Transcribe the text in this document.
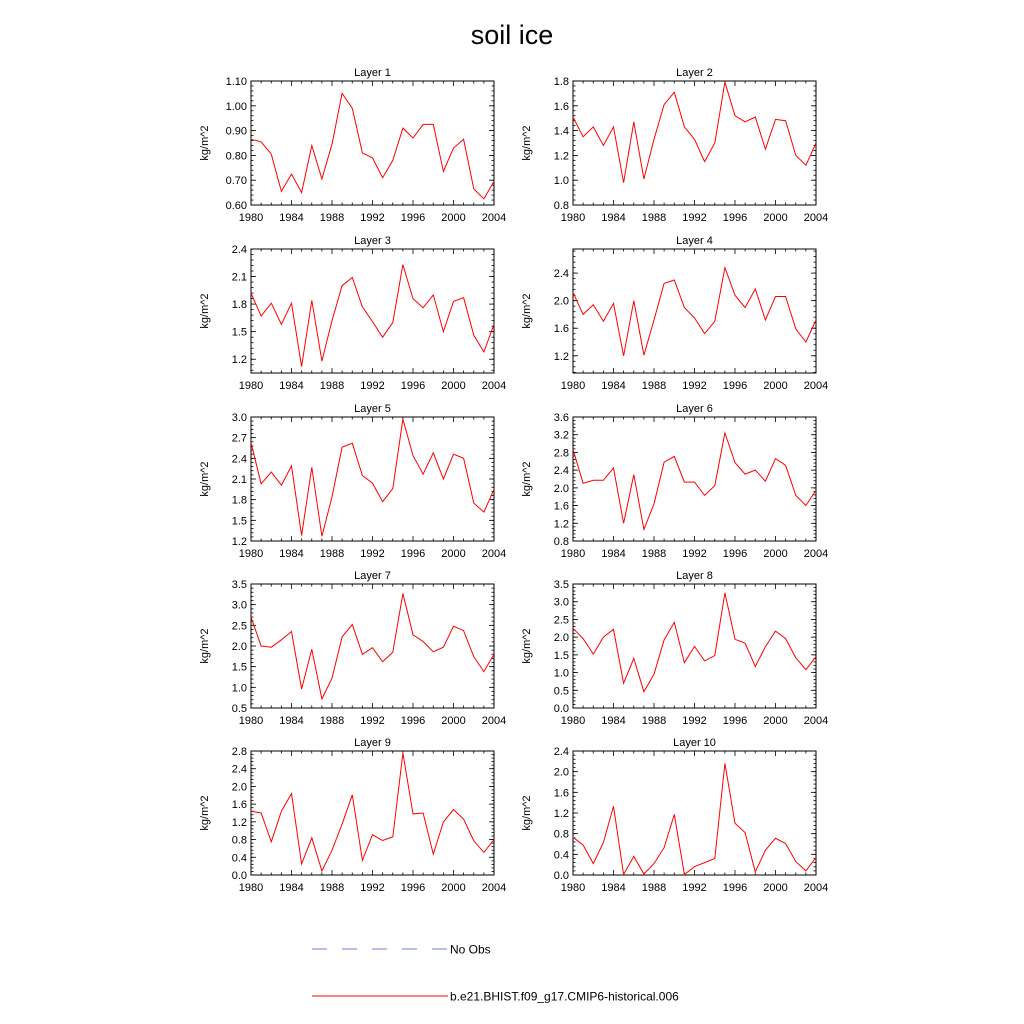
soil ice
Layer 1
1980 1984 1988 1992 1996 2000 2004
0.60
0.70
0.80
0.90
1.00
1.10
kg/m^2
Layer 2
1980 1984 1988 1992 1996 2000 2004
0.8
1.0
1.2
1.4
1.6
1.8
kg/m^2
Layer 3
1980 1984 1988 1992 1996 2000 2004
1.2
1.5
1.8
2.1
2.4
kg/m^2
Layer 4
1980 1984 1988 1992 1996 2000 2004
1.2
1.6
2.0
2.4
kg/m^2
Layer 5
1980 1984 1988 1992 1996 2000 2004
1.2
1.5
1.8
2.1
2.4
2.7
3.0
kg/m^2
Layer 6
1980 1984 1988 1992 1996 2000 2004
0.8
1.2
1.6
2.0
2.4
2.8
3.2
3.6
kg/m^2
Layer 7
1980 1984 1988 1992 1996 2000 2004
0.5
1.0
1.5
2.0
2.5
3.0
3.5
kg/m^2
Layer 8
1980 1984 1988 1992 1996 2000 2004
0.0
0.5
1.0
1.5
2.0
2.5
3.0
3.5
kg/m^2
Layer 9
1980 1984 1988 1992 1996 2000 2004
0.0
0.4
0.8
1.2
1.6
2.0
2.4
2.8
kg/m^2
Layer 10
1980 1984 1988 1992 1996 2000 2004
0.0
0.4
0.8
1.2
1.6
2.0
2.4
kg/m^2
No Obs
b.e21.BHIST.f09_g17.CMIP6-historical.006
